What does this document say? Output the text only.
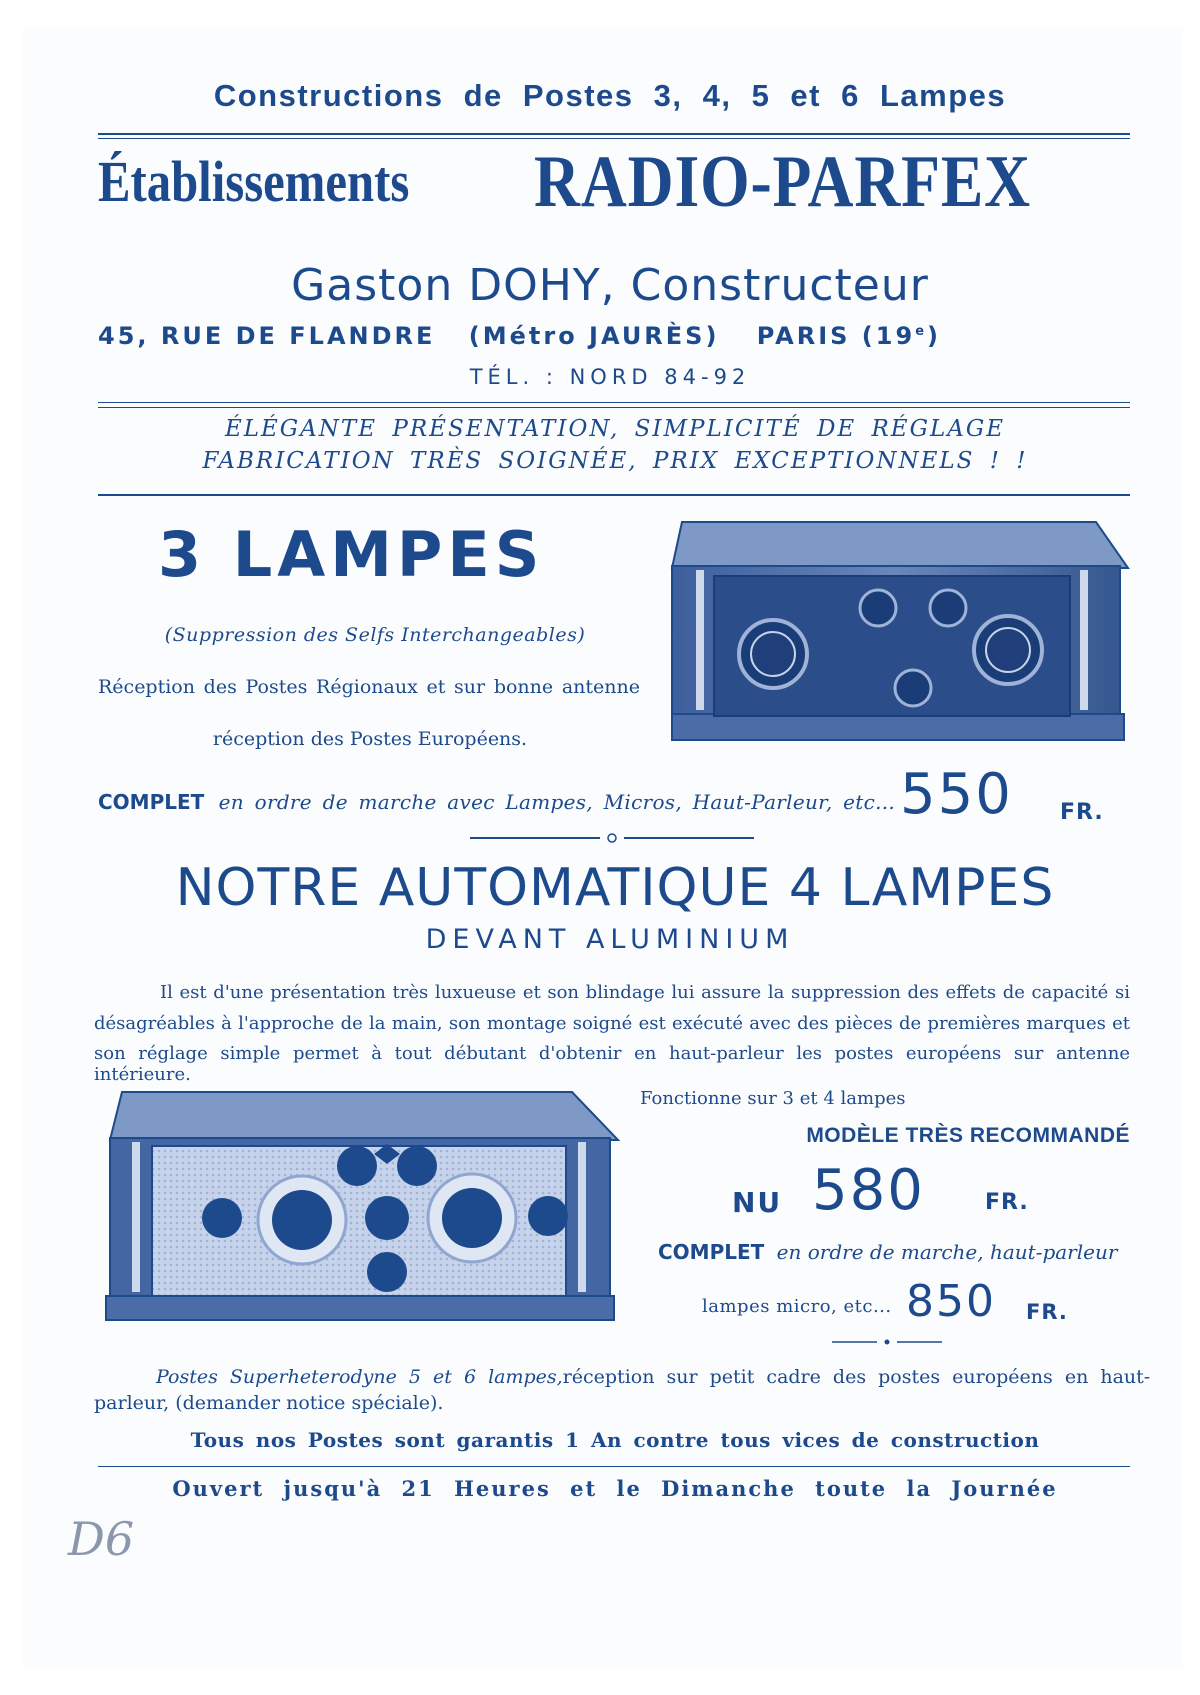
Constructions de Postes 3, 4, 5 et 6 Lampes
Établissements RADIO-PARFEX
Gaston DOHY, Constructeur
45, RUE DE FLANDRE (Métro JAURÈS) PARIS (19e)
TÉL. : NORD 84-92
ÉLÉGANTE PRÉSENTATION, SIMPLICITÉ DE RÉGLAGE
FABRICATION TRÈS SOIGNÉE, PRIX EXCEPTIONNELS ! !
3 LAMPES
(Suppression des Selfs Interchangeables)
Réception des Postes Régionaux et sur bonne antenne
réception des Postes Européens.
COMPLET en ordre de marche avec Lampes, Micros, Haut-Parleur, etc... 550 FR.
NOTRE AUTOMATIQUE 4 LAMPES
DEVANT ALUMINIUM
Il est d'une présentation très luxueuse et son blindage lui assure la suppression des effets de capacité si
désagréables à l'approche de la main, son montage soigné est exécuté avec des pièces de premières marques et
son réglage simple permet à tout débutant d'obtenir en haut-parleur les postes européens sur antenne intérieure.
Fonctionne sur 3 et 4 lampes
MODÈLE TRÈS RECOMMANDÉ
NU 580	FR.
COMPLET en ordre de marche, haut-parleur
lampes micro, etc... 850 FR.
Postes Superheterodyne 5 et 6 lampes, réception sur petit cadre des postes européens en haut-
parleur, (demander notice spéciale).
Tous nos Postes sont garantis 1 An contre tous vices de construction
Ouvert jusqu'à 21 Heures et le Dimanche toute la Journée
D6
